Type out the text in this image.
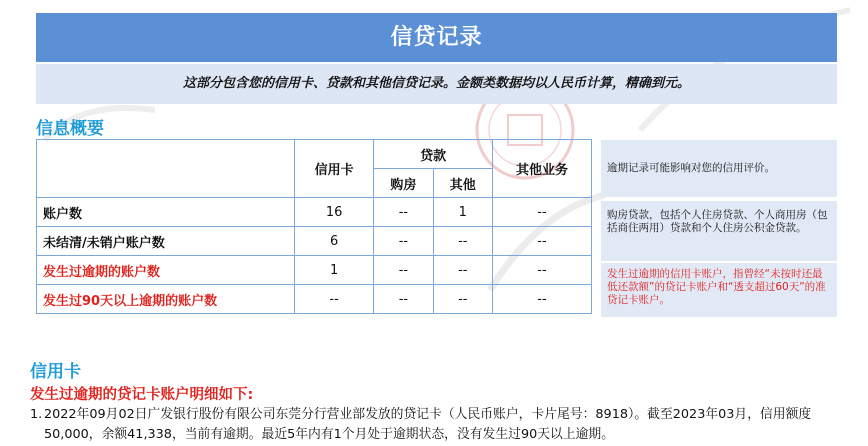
信贷记录
这部分包含您的信用卡、贷款和其他信贷记录。金额类数据均以人民币计算，精确到元。
信息概要
	信用卡	贷款		其他业务
		购房	其他	
账户数	16	--	1	--
未结清/未销户账户数	6	--	--	--
发生过逾期的账户数	1	--	--	--
发生过90天以上逾期的账户数	--	--	--	--
逾期记录可能影响对您的信用评价。
购房贷款，包括个人住房贷款、个人商用房（包括商住两用）贷款和个人住房公积金贷款。
发生过逾期的信用卡账户，指曾经“未按时还最低还款额”的贷记卡账户和“透支超过60天”的准贷记卡账户。
信用卡
发生过逾期的贷记卡账户明细如下:
1. 2022年09月02日广发银行股份有限公司东莞分行营业部发放的贷记卡（人民币账户，卡片尾号：8918）。截至2023年03月，信用额度50,000，余额41,338，当前有逾期。最近5年内有1个月处于逾期状态，没有发生过90天以上逾期。
